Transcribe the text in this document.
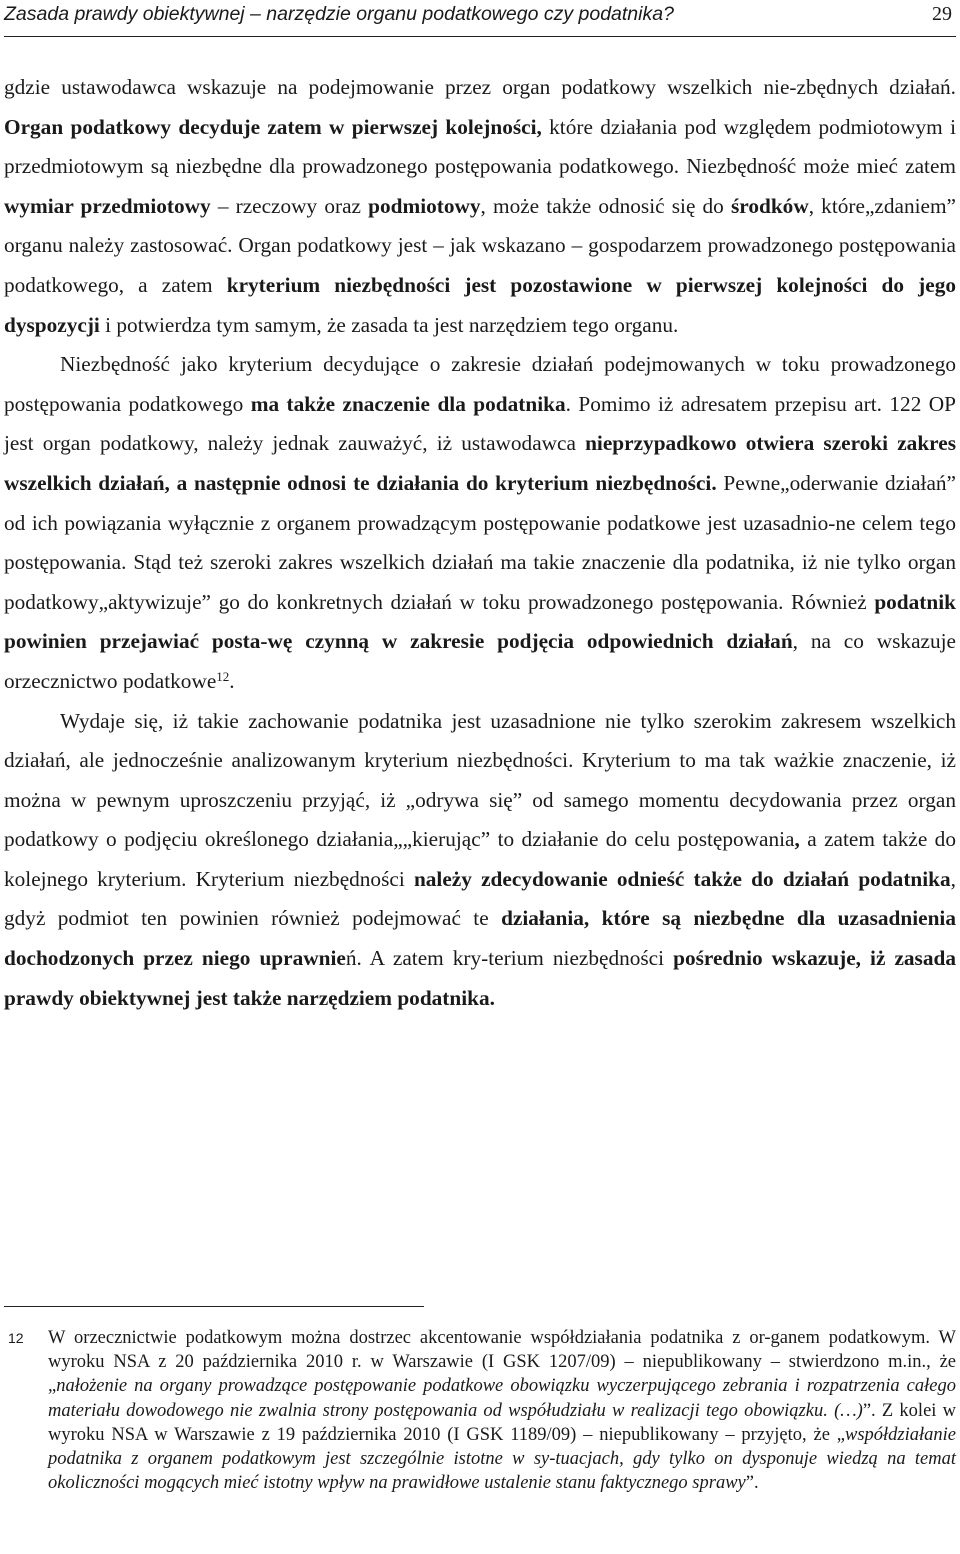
Zasada prawdy obiektywnej – narzędzie organu podatkowego czy podatnika?	29

gdzie ustawodawca wskazuje na podejmowanie przez organ podatkowy wszelkich nie-zbędnych działań. Organ podatkowy decyduje zatem w pierwszej kolejności, które działania pod względem podmiotowym i przedmiotowym są niezbędne dla prowadzonego postępowania podatkowego. Niezbędność może mieć zatem wymiar przedmiotowy – rzeczowy oraz podmiotowy, może także odnosić się do środków, które„zdaniem” organu należy zastosować. Organ podatkowy jest – jak wskazano – gospodarzem prowadzonego postępowania podatkowego, a zatem kryterium niezbędności jest pozostawione w pierwszej kolejności do jego dyspozycji i potwierdza tym samym, że zasada ta jest narzędziem tego organu.

Niezbędność jako kryterium decydujące o zakresie działań podejmowanych w toku prowadzonego postępowania podatkowego ma także znaczenie dla podatnika. Pomimo iż adresatem przepisu art. 122 OP jest organ podatkowy, należy jednak zauważyć, iż ustawodawca nieprzypadkowo otwiera szeroki zakres wszelkich działań, a następnie odnosi te działania do kryterium niezbędności. Pewne„oderwanie działań” od ich powiązania wyłącznie z organem prowadzącym postępowanie podatkowe jest uzasadnio-ne celem tego postępowania. Stąd też szeroki zakres wszelkich działań ma takie znaczenie dla podatnika, iż nie tylko organ podatkowy„aktywizuje” go do konkretnych działań w toku prowadzonego postępowania. Również podatnik powinien przejawiać posta-wę czynną w zakresie podjęcia odpowiednich działań, na co wskazuje orzecznictwo podatkowe$^{12}$.

Wydaje się, iż takie zachowanie podatnika jest uzasadnione nie tylko szerokim zakresem wszelkich działań, ale jednocześnie analizowanym kryterium niezbędności. Kryterium to ma tak ważkie znaczenie, iż można w pewnym uproszczeniu przyjąć, iż „odrywa się” od samego momentu decydowania przez organ podatkowy o podjęciu określonego działania„„kierując” to działanie do celu postępowania, a zatem także do kolejnego kryterium. Kryterium niezbędności należy zdecydowanie odnieść także do działań podatnika, gdyż podmiot ten powinien również podejmować te działania, które są niezbędne dla uzasadnienia dochodzonych przez niego uprawnień. A zatem kry-terium niezbędności pośrednio wskazuje, iż zasada prawdy obiektywnej jest także narzędziem podatnika.

12 W orzecznictwie podatkowym można dostrzec akcentowanie współdziałania podatnika z or-ganem podatkowym. W wyroku NSA z 20 października 2010 r. w Warszawie (I GSK 1207/09) – niepublikowany – stwierdzono m.in., że „nałożenie na organy prowadzące postępowanie podatkowe obowiązku wyczerpującego zebrania i rozpatrzenia całego materiału dowodowego nie zwalnia strony postępowania od współudziału w realizacji tego obowiązku. (…)”. Z kolei w wyroku NSA w Warszawie z 19 października 2010 (I GSK 1189/09) – niepublikowany – przyjęto, że „współdziałanie podatnika z organem podatkowym jest szczególnie istotne w sy-tuacjach, gdy tylko on dysponuje wiedzą na temat okoliczności mogących mieć istotny wpływ na prawidłowe ustalenie stanu faktycznego sprawy”.
